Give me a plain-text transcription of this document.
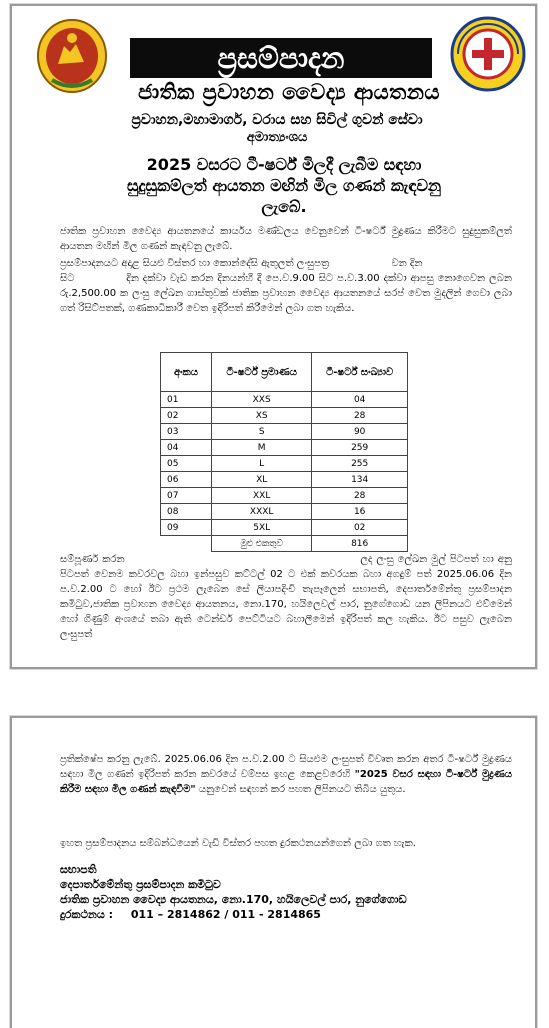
ප්‍රසම්පාදන
ජාතික ප්‍රවාහන වෛද්‍ය ආයතනය
ප්‍රවාහන,මහාමාර්ග, වරාය සහ සිවිල් ගුවන් සේවා
අමාත්‍යංශය
2025 වසරට ටී-ෂර්ට් මිලදී ලැබීම සඳහා
සුදුසුකම්ලත් ආයතන මඟින් මිල ගණන් කැඳවනු
ලැබේ.
ජාතික ප්‍රවාහන වෛද්‍ය ආයතනයේ කාර්යය මණ්ඩලය වෙනුවෙන් ටී-ෂර්ට් මුද්‍රණය කිරීමට සුදුසුකම්ලත් ආයතන මඟින් මිල ගණන් කැඳවනු ලැබේ.
ප්‍රසම්පාදනයට අදාළ සියළු විස්තර හා කොන්දේසි ඇතුලත් ලංසුපත්‍ර	වන දින
සිට	දින දක්වා වැඩ කරන දිනයන්හී දී පෙ.ව.9.00 සිට ප.ව.3.00 දක්වා ආපසු නොගෙවන ලබන රු.2,500.00 ක ලංසු ලේඛන ගාස්තුවක් ජාතික ප්‍රවාහන වෛද්‍ය ආයතනයේ සරප් වෙත මුදලින් ගෙවා ලබා ගත් රිසිට්පතක්, ගණකාධිකාරී වෙත ඉදිරිපත් කිරීමෙන් ලබා ගත හැකිය.
අංකය	ටී-ෂර්ට් ප්‍රමාණය	ටී-ෂර්ට් සංඛ්‍යාව
01	XXS	04
02	XS	28
03	S	90
04	M	259
05	L	255
06	XL	134
07	XXL	28
08	XXXL	16
09	5XL	02
	මුළු එකතුව	816
සම්පූර්ණ කරන	ලද ලංසු ලේඛන මුල් පිටපත් හා අනු පිටපත් වෙනම කවරවල බහා ඉන්පසුව කට්ටල් 02 ට එක් කවරයක බහා අගදුම් පත් 2025.06.06 දින ප.ව.2.00 ට හෝ ඊට ප්‍රථම ලැබෙන සේ ලියාපදිංචි තැපෑලෙන් සභාපති, දෙපාර්තමේන්තු ප්‍රසම්පාදන කමිටුව,ජාතික ප්‍රවාහන වෛද්‍ය ආයතනය, නො.170, හයිලෙවල් පාර, නුගේගොඩ යන ලිපිනයට එව්මෙන් හෝ ගිණුම් අංශයේ තබා ඇති ටෙන්ඩර් පෙට්ටියට බහාලීමෙන් ඉදිරිපත් කල හැකිය. ඊට පසුව ලැබෙන ලංසුපත්
ප්‍රතික්ෂේප කරනු ලැබේ. 2025.06.06 දින ප.ව.2.00 ට සියළුම ලංසුපත් විවෘත කරන අතර ටී-ෂර්ට් මුද්‍රණය සඳහා මිල ගණන් ඉදිරිපත් කරන කවරයේ වම්පස ඉහළ කෙළවරෙහි "2025 වසර සඳහා ටී-ෂර්ට් මුද්‍රණය කිරීම සඳහා මිල ගණන් කැඳවීම" යනුවෙන් සඳහන් කර පහත ලිපිනයට තිබිය යුතුය.
ඉහත ප්‍රසම්පාදනය සම්බන්ධයෙන් වැඩි විස්තර පහත දුරකථනයන්ගෙන් ලබා ගත හැක.
සභාපති
දෙපාර්තමේන්තු ප්‍රසම්පාදන කමිටුව
ජාතික ප්‍රවාහන වෛද්‍ය ආයතනය, නො.170, හයිලෙවල් පාර, නුගේගොඩ
දුරකථනය : 011 – 2814862 / 011 - 2814865
